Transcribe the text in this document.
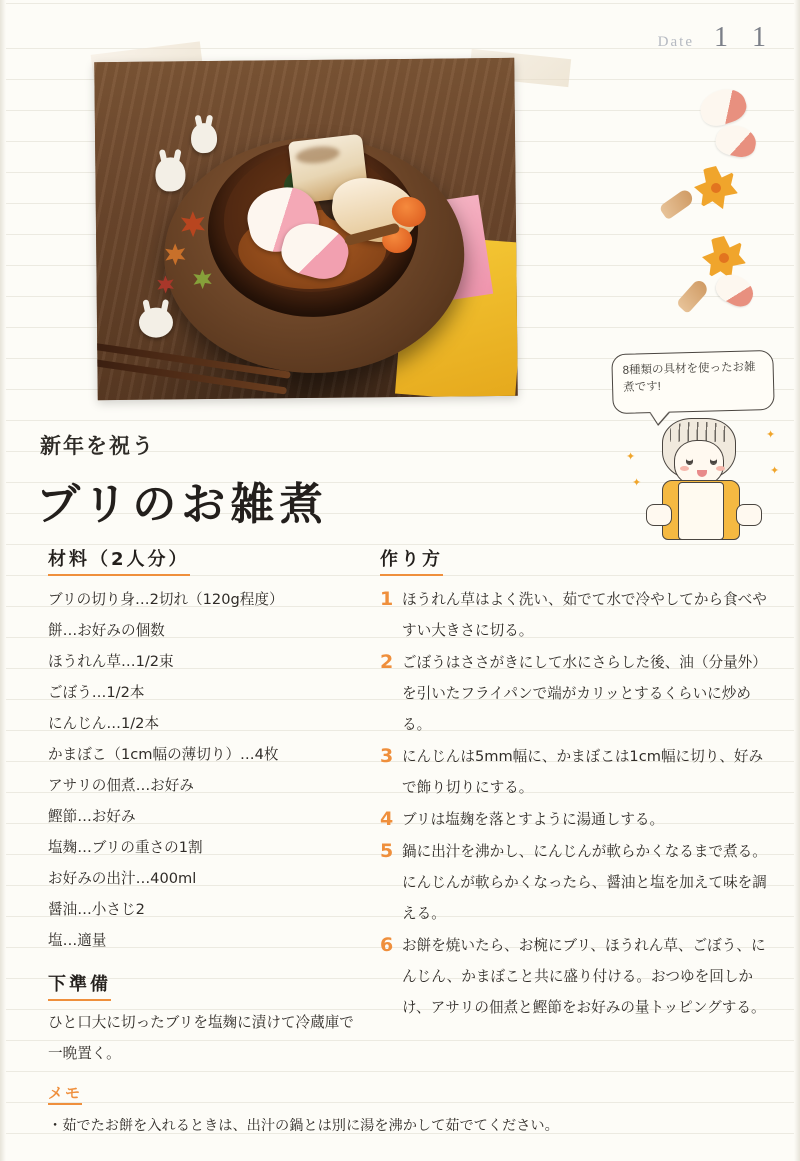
Date 1 1
8種類の具材を使ったお雑煮です!
✦
✦
✦
✦
新年を祝う
ブリのお雑煮
材料（2人分）
ブリの切り身…2切れ（120g程度）
餅…お好みの個数
ほうれん草…1/2束
ごぼう…1/2本
にんじん…1/2本
かまぼこ（1cm幅の薄切り）…4枚
アサリの佃煮…お好み
鰹節…お好み
塩麹…ブリの重さの1割
お好みの出汁…400ml
醤油…小さじ2
塩…適量
下準備
ひと口大に切ったブリを塩麹に漬けて冷蔵庫で一晩置く。
作り方
1 ほうれん草はよく洗い、茹でて水で冷やしてから食べやすい大きさに切る。
2 ごぼうはささがきにして水にさらした後、油（分量外）を引いたフライパンで端がカリッとするくらいに炒める。
3 にんじんは5mm幅に、かまぼこは1cm幅に切り、好みで飾り切りにする。
4 ブリは塩麹を落とすように湯通しする。
5 鍋に出汁を沸かし、にんじんが軟らかくなるまで煮る。にんじんが軟らかくなったら、醤油と塩を加えて味を調える。
6 お餅を焼いたら、お椀にブリ、ほうれん草、ごぼう、にんじん、かまぼこと共に盛り付ける。おつゆを回しかけ、アサリの佃煮と鰹節をお好みの量トッピングする。
メモ
・茹でたお餅を入れるときは、出汁の鍋とは別に湯を沸かして茹でてください。
